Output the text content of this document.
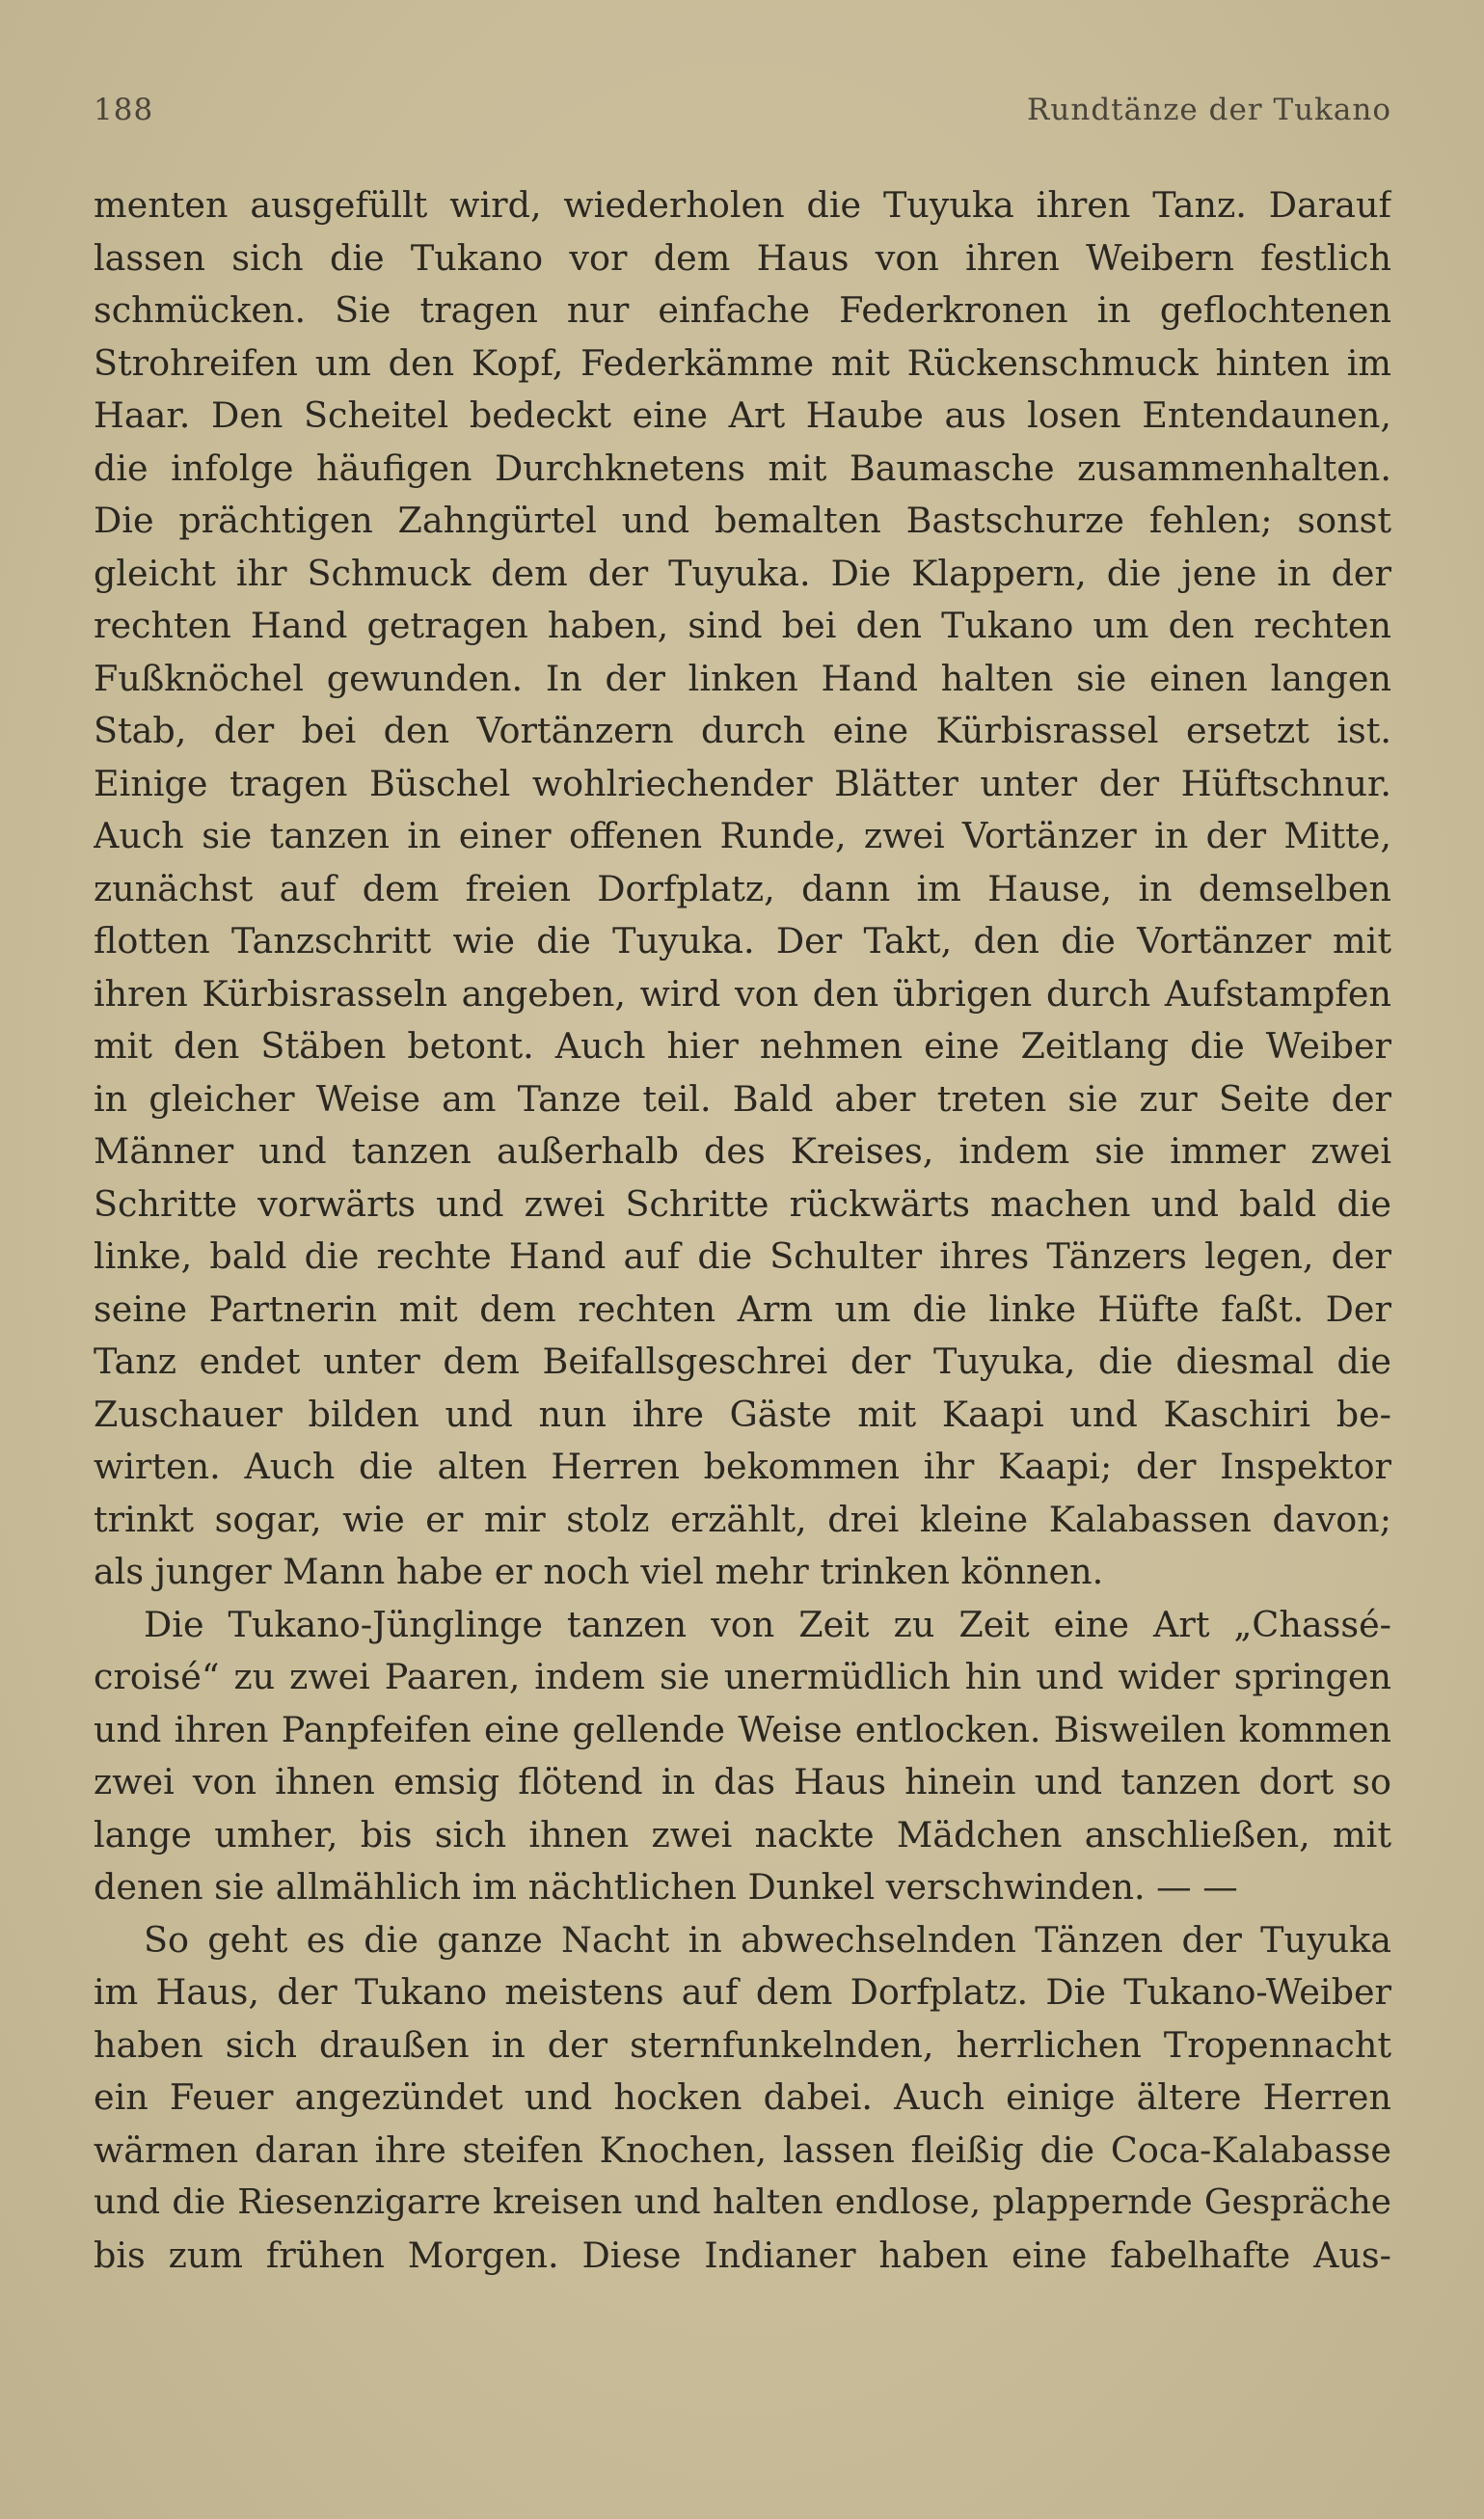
188	Rundtänze der Tukano
menten ausgefüllt wird, wiederholen die Tuyuka ihren Tanz. Darauf
lassen sich die Tukano vor dem Haus von ihren Weibern festlich
schmücken. Sie tragen nur einfache Federkronen in geflochtenen
Strohreifen um den Kopf, Federkämme mit Rückenschmuck hinten im
Haar. Den Scheitel bedeckt eine Art Haube aus losen Entendaunen,
die infolge häufigen Durchknetens mit Baumasche zusammenhalten.
Die prächtigen Zahngürtel und bemalten Bastschurze fehlen; sonst
gleicht ihr Schmuck dem der Tuyuka. Die Klappern, die jene in der
rechten Hand getragen haben, sind bei den Tukano um den rechten
Fußknöchel gewunden. In der linken Hand halten sie einen langen
Stab, der bei den Vortänzern durch eine Kürbisrassel ersetzt ist.
Einige tragen Büschel wohlriechender Blätter unter der Hüftschnur.
Auch sie tanzen in einer offenen Runde, zwei Vortänzer in der Mitte,
zunächst auf dem freien Dorfplatz, dann im Hause, in demselben
flotten Tanzschritt wie die Tuyuka. Der Takt, den die Vortänzer mit
ihren Kürbisrasseln angeben, wird von den übrigen durch Aufstampfen
mit den Stäben betont. Auch hier nehmen eine Zeitlang die Weiber
in gleicher Weise am Tanze teil. Bald aber treten sie zur Seite der
Männer und tanzen außerhalb des Kreises, indem sie immer zwei
Schritte vorwärts und zwei Schritte rückwärts machen und bald die
linke, bald die rechte Hand auf die Schulter ihres Tänzers legen, der
seine Partnerin mit dem rechten Arm um die linke Hüfte faßt. Der
Tanz endet unter dem Beifallsgeschrei der Tuyuka, die diesmal die
Zuschauer bilden und nun ihre Gäste mit Kaapi und Kaschiri be-
wirten. Auch die alten Herren bekommen ihr Kaapi; der Inspektor
trinkt sogar, wie er mir stolz erzählt, drei kleine Kalabassen davon;
als junger Mann habe er noch viel mehr trinken können.
Die Tukano-Jünglinge tanzen von Zeit zu Zeit eine Art „Chassé-
croisé“ zu zwei Paaren, indem sie unermüdlich hin und wider springen
und ihren Panpfeifen eine gellende Weise entlocken. Bisweilen kommen
zwei von ihnen emsig flötend in das Haus hinein und tanzen dort so
lange umher, bis sich ihnen zwei nackte Mädchen anschließen, mit
denen sie allmählich im nächtlichen Dunkel verschwinden. — —
So geht es die ganze Nacht in abwechselnden Tänzen der Tuyuka
im Haus, der Tukano meistens auf dem Dorfplatz. Die Tukano-Weiber
haben sich draußen in der sternfunkelnden, herrlichen Tropennacht
ein Feuer angezündet und hocken dabei. Auch einige ältere Herren
wärmen daran ihre steifen Knochen, lassen fleißig die Coca-Kalabasse
und die Riesenzigarre kreisen und halten endlose, plappernde Gespräche
bis zum frühen Morgen. Diese Indianer haben eine fabelhafte Aus-
